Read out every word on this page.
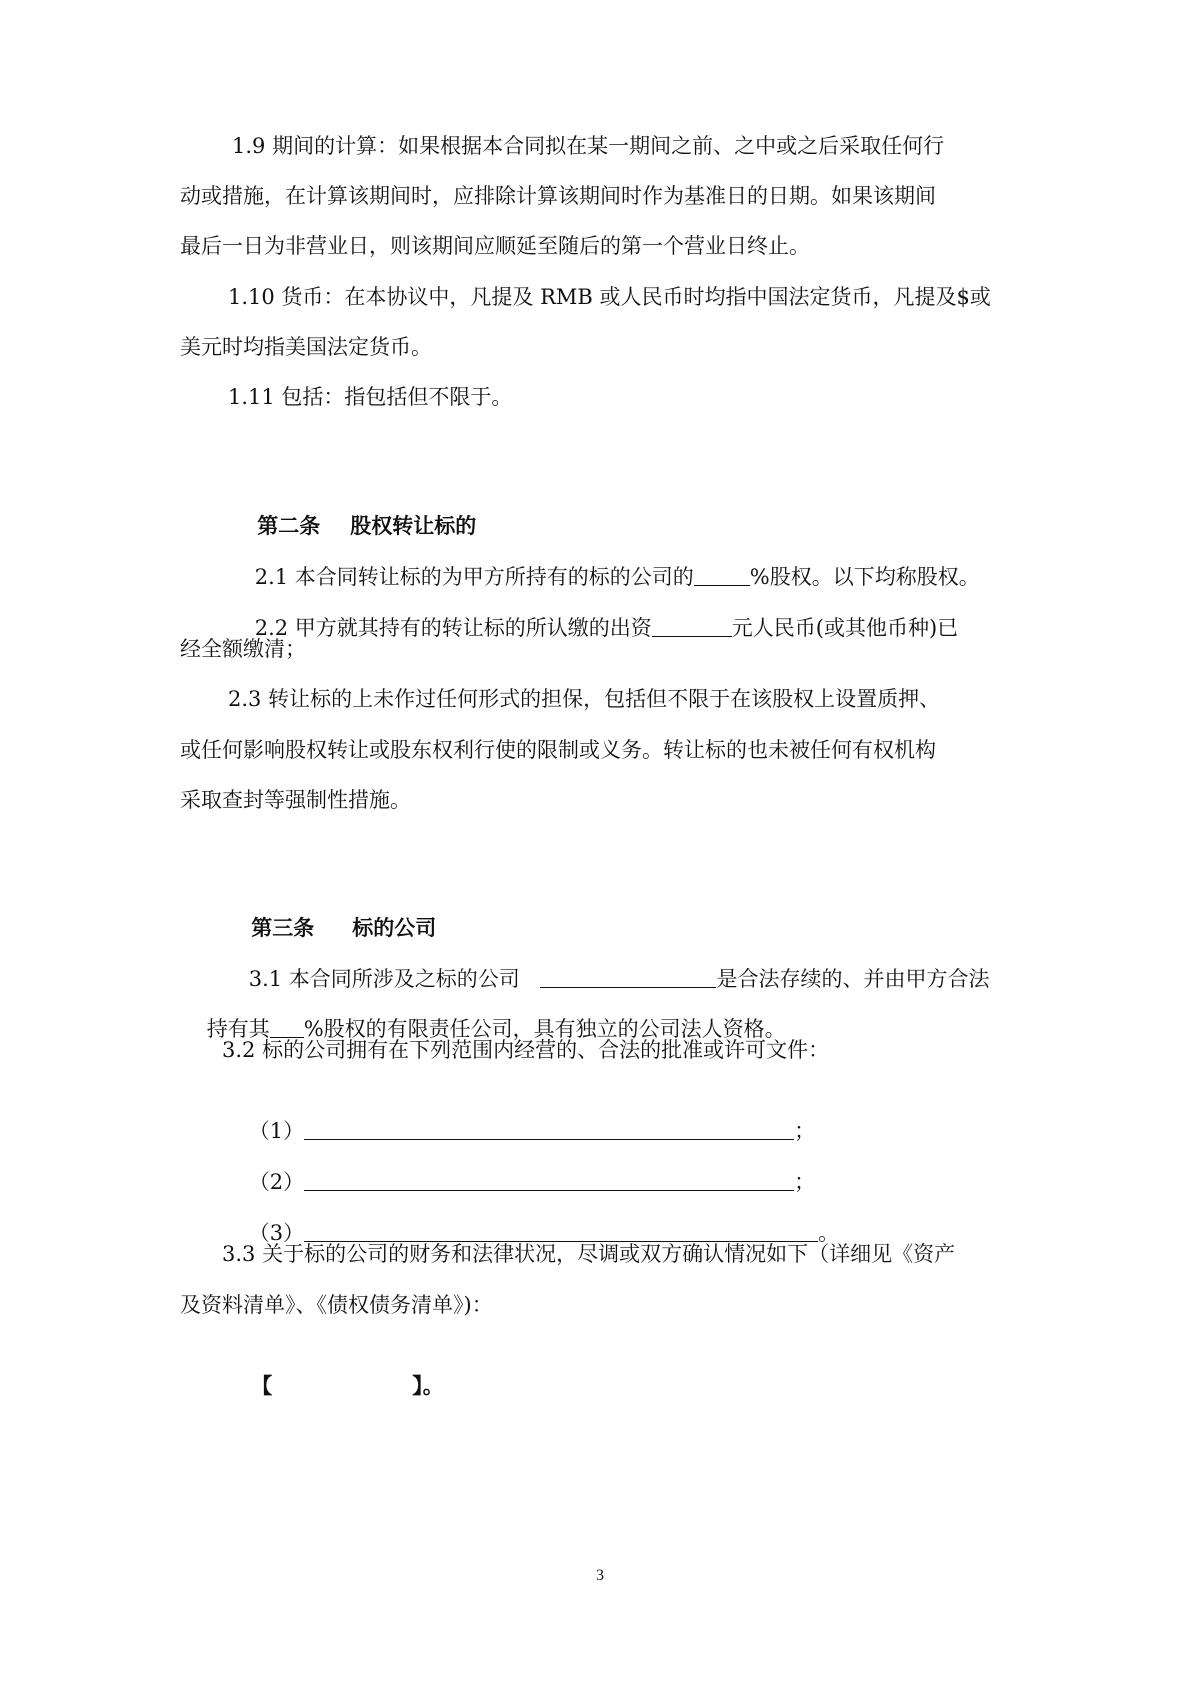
1.9 期间的计算：如果根据本合同拟在某一期间之前、之中或之后采取任何行
动或措施，在计算该期间时，应排除计算该期间时作为基准日的日期。如果该期间
最后一日为非营业日，则该期间应顺延至随后的第一个营业日终止。
1.10 货币：在本协议中，凡提及 RMB 或人民币时均指中国法定货币，凡提及$或
美元时均指美国法定货币。
1.11 包括：指包括但不限于。

第二条 股权转让标的

2.1 本合同转让标的为甲方所持有的标的公司的	%股权。以下均称股权。

2.2 甲方就其持有的转让标的所认缴的出资	元人民币(或其他币种)已

经全额缴清；
2.3 转让标的上未作过任何形式的担保，包括但不限于在该股权上设置质押、
或任何影响股权转让或股东权利行使的限制或义务。转让标的也未被任何有权机构
采取查封等强制性措施。

第三条 标的公司

3.1 本合同所涉及之标的公司	是合法存续的、并由甲方合法

持有其 %股权的有限责任公司，具有独立的公司法人资格。

3.2 标的公司拥有在下列范围内经营的、合法的批准或许可文件：

（1）	；

（2）	；

（3）	。

3.3 关于标的公司的财务和法律状况，尽调或双方确认情况如下（详细见《资产
及资料清单》、《债权债务清单》)：

【	】。

3
